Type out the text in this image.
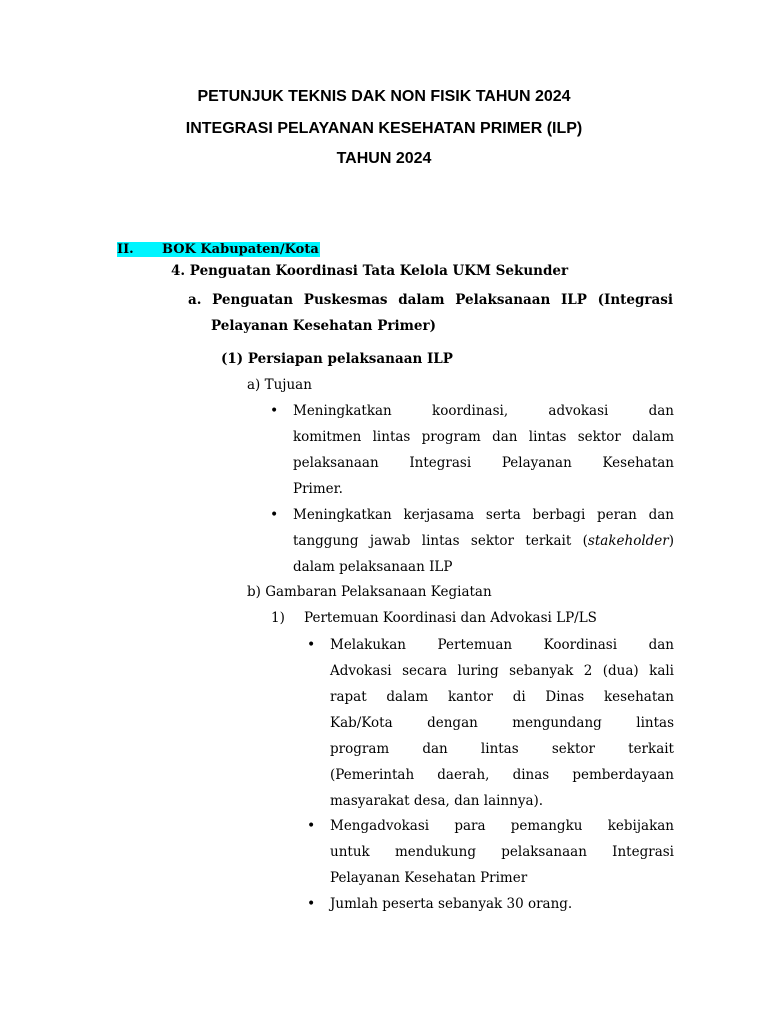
PETUNJUK TEKNIS DAK NON FISIK TAHUN 2024
INTEGRASI PELAYANAN KESEHATAN PRIMER (ILP)
TAHUN 2024
II.	BOK Kabupaten/Kota
4. Penguatan Koordinasi Tata Kelola UKM Sekunder
a. Penguatan Puskesmas dalam Pelaksanaan ILP (Integrasi
Pelayanan Kesehatan Primer)
(1) Persiapan pelaksanaan ILP
a) Tujuan
• Meningkatkan koordinasi, advokasi dan
komitmen lintas program dan lintas sektor dalam
pelaksanaan Integrasi Pelayanan Kesehatan
Primer.
• Meningkatkan kerjasama serta berbagi peran dan
tanggung jawab lintas sektor terkait (stakeholder)
dalam pelaksanaan ILP
b) Gambaran Pelaksanaan Kegiatan
1) Pertemuan Koordinasi dan Advokasi LP/LS
• Melakukan Pertemuan Koordinasi dan
Advokasi secara luring sebanyak 2 (dua) kali
rapat dalam kantor di Dinas kesehatan
Kab/Kota dengan mengundang lintas
program dan lintas sektor terkait
(Pemerintah daerah, dinas pemberdayaan
masyarakat desa, dan lainnya).
• Mengadvokasi para pemangku kebijakan
untuk mendukung pelaksanaan Integrasi
Pelayanan Kesehatan Primer
• Jumlah peserta sebanyak 30 orang.
